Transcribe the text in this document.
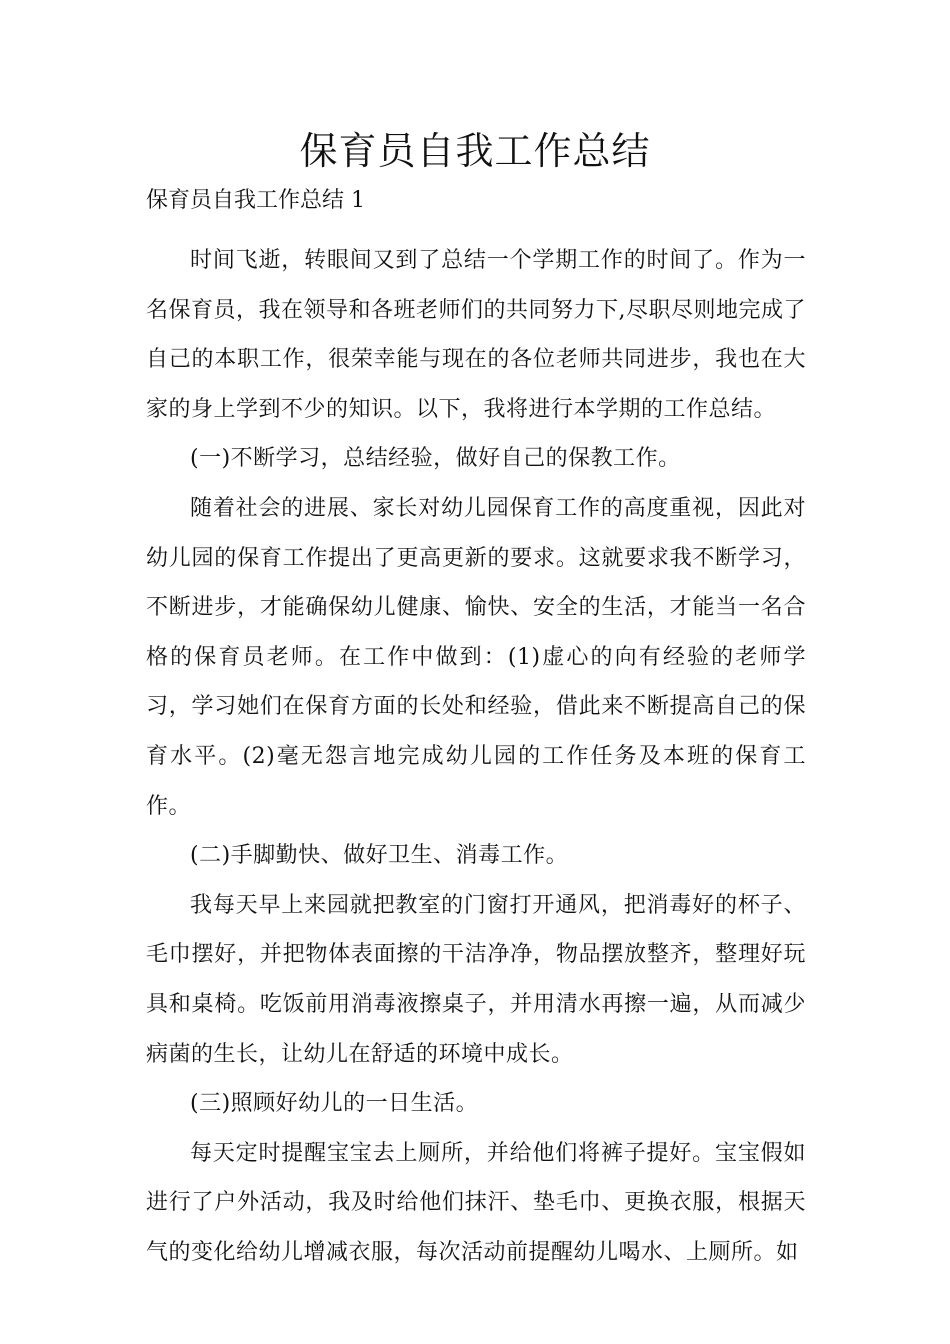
保育员自我工作总结

保育员自我工作总结 1

时间飞逝，转眼间又到了总结一个学期工作的时间了。作为一名保育员，我在领导和各班老师们的共同努力下,尽职尽则地完成了自己的本职工作，很荣幸能与现在的各位老师共同进步，我也在大家的身上学到不少的知识。以下，我将进行本学期的工作总结。

(一)不断学习，总结经验，做好自己的保教工作。

随着社会的进展、家长对幼儿园保育工作的高度重视，因此对幼儿园的保育工作提出了更高更新的要求。这就要求我不断学习，不断进步，才能确保幼儿健康、愉快、安全的生活，才能当一名合格的保育员老师。在工作中做到：(1)虚心的向有经验的老师学习，学习她们在保育方面的长处和经验，借此来不断提高自己的保育水平。(2)毫无怨言地完成幼儿园的工作任务及本班的保育工作。

(二)手脚勤快、做好卫生、消毒工作。

我每天早上来园就把教室的门窗打开通风，把消毒好的杯子、毛巾摆好，并把物体表面擦的干洁净净，物品摆放整齐，整理好玩具和桌椅。吃饭前用消毒液擦桌子，并用清水再擦一遍，从而减少病菌的生长，让幼儿在舒适的环境中成长。

(三)照顾好幼儿的一日生活。

每天定时提醒宝宝去上厕所，并给他们将裤子提好。宝宝假如进行了户外活动，我及时给他们抹汗、垫毛巾、更换衣服，根据天气的变化给幼儿增减衣服，每次活动前提醒幼儿喝水、上厕所。如
